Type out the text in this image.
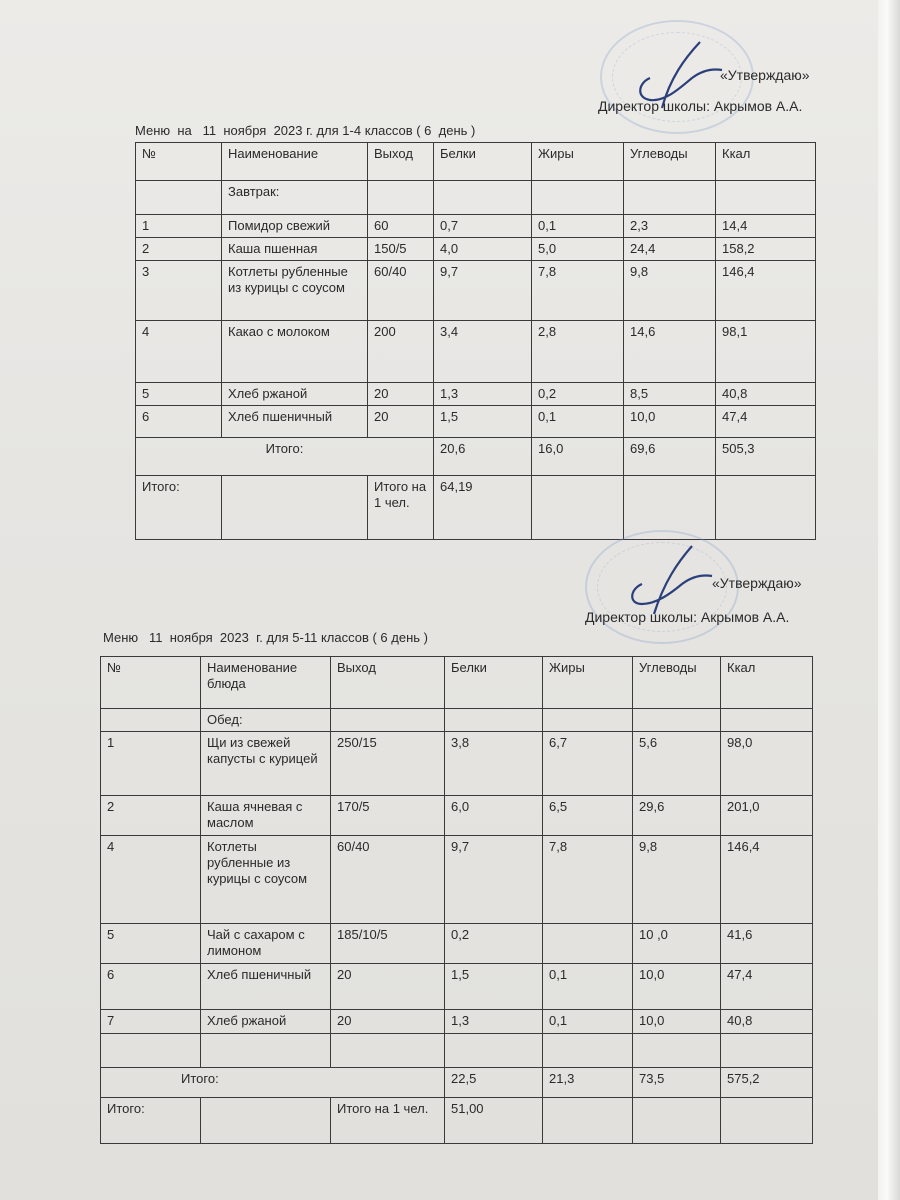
«Утверждаю»
Директор школы: Акрымов А.А.
Меню  на   11  ноября  2023 г. для 1-4 классов ( 6  день )
№	Наименование	Выход	Белки	Жиры	Углеводы	Ккал
	Завтрак:					
1	Помидор свежий	60	0,7	0,1	2,3	14,4
2	Каша пшенная	150/5	4,0	5,0	24,4	158,2
3	Котлеты рубленные из курицы с соусом	60/40	9,7	7,8	9,8	146,4
4	Какао с молоком	200	3,4	2,8	14,6	98,1
5	Хлеб ржаной	20	1,3	0,2	8,5	40,8
6	Хлеб пшеничный	20	1,5	0,1	10,0	47,4
Итого:			20,6	16,0	69,6	505,3
Итого:		Итого на 1 чел.	64,19			
«Утверждаю»
Директор школы: Акрымов А.А.
Меню   11  ноября  2023  г. для 5-11 классов ( 6 день )
№	Наименование блюда	Выход	Белки	Жиры	Углеводы	Ккал
	Обед:					
1	Щи из свежей капусты с курицей	250/15	3,8	6,7	5,6	98,0
2	Каша ячневая с маслом	170/5	6,0	6,5	29,6	201,0
4	Котлеты рубленные из курицы с соусом	60/40	9,7	7,8	9,8	146,4
5	Чай с сахаром с лимоном	185/10/5	0,2		10 ,0	41,6
6	Хлеб пшеничный	20	1,5	0,1	10,0	47,4
7	Хлеб ржаной	20	1,3	0,1	10,0	40,8

Итого:			22,5	21,3	73,5	575,2
Итого:		Итого на 1 чел.	51,00			
